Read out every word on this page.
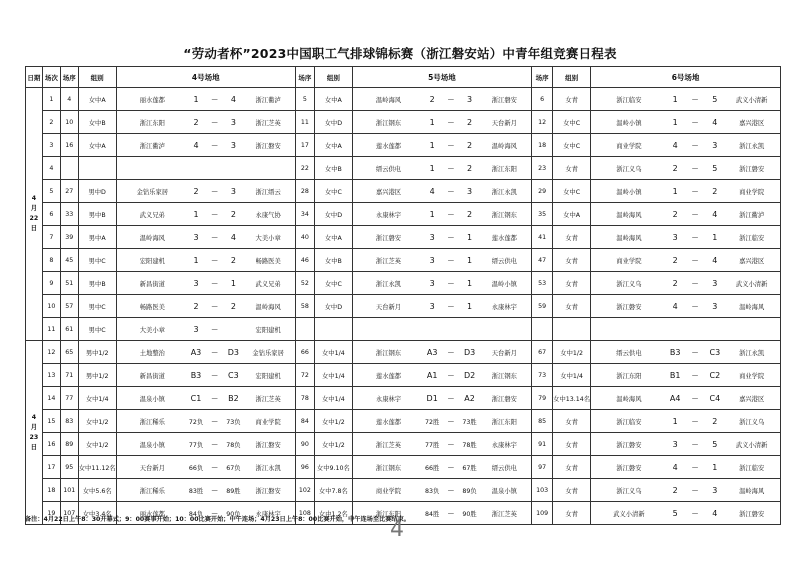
“劳动者杯”2023中国职工气排球锦标赛（浙江磐安站）中青年组竞赛日程表
日期	场次	场序	组别	4号场地	场序	组别	5号场地	场序	组别	6号场地

4
月
22
日	1	4	女中A	丽水莲都 1 — 4 浙江衢泸	5	女中A	温岭海风 2 — 3 浙江磐安	6	女青	浙江临安 1 — 5 武义小清新

	2	10	女中B	浙江东阳 2 — 3 浙江芝英	11	女中D	浙江钢东 1 — 2 天台新月	12	女中C	温岭小镇 1 — 4 嘉兴港区

	3	16	女中A	浙江衢泸 4 — 3 浙江磐安	17	女中A	莲水莲都 1 — 2 温岭海风	18	女中C	商业学院 4 — 3 浙江永凯

	4				22	女中B	缙云供电 1 — 2 浙江东阳	23	女青	浙江义乌 2 — 5 浙江磐安

	5	27	男中D	金钻乐家居 2 — 3 浙江缙云	28	女中C	嘉兴港区 4 — 3 浙江永凯	29	女中C	温岭小镇 1 — 2 商业学院

	6	33	男中B	武义兄弟 1 — 2 永康气协	34	女中D	永康林宇 1 — 2 浙江钢东	35	女中A	温岭海风 2 — 4 浙江衢泸

	7	39	男中A	温岭海风 3 — 4 大美小章	40	女中A	浙江磐安 3 — 1 莲水莲都	41	女青	温岭海风 3 — 1 浙江临安

	8	45	男中C	宏阳建机 1 — 2 畅路医美	46	女中B	浙江芝英 3 — 1 缙云供电	47	女青	商业学院 2 — 4 嘉兴港区

	9	51	男中B	新昌街道 3 — 1 武义兄弟	52	女中C	浙江永凯 3 — 1 温岭小镇	53	女青	浙江义乌 2 — 3 武义小清新

	10	57	男中C	畅路医美 2 — 2 温岭海风	58	女中D	天台新月 3 — 1 永康林宇	59	女青	浙江磐安 4 — 3 温岭海风

	11	61	男中C	大美小章 3 — 宏阳建机						

4
月
23
日	12	65	男中1/2	土地整治 A3 — D3 金钻乐家居	66	女中1/4	浙江钢东 A3 — D3 天台新月	67	女中1/2	缙云供电 B3 — C3 浙江永凯

	13	71	男中1/2	新昌街道 B3 — C3 宏阳建机	72	女中1/4	莲水莲都 A1 — D2 浙江钢东	73	女中1/4	浙江东阳 B1 — C2 商业学院

	14	77	女中1/4	温泉小镇 C1 — B2 浙江芝英	78	女中1/4	永康林宇 D1 — A2 浙江磐安	79	女中13.14名	温岭海风 A4 — C4 嘉兴港区

	15	83	女中1/2	浙江稀乐 72负 — 73负 商业学院	84	女中1/2	莲水莲都 72胜 — 73胜 浙江东阳	85	女青	浙江临安 1 — 2 浙江义乌

	16	89	女中1/2	温泉小镇 77负 — 78负 浙江磐安	90	女中1/2	浙江芝英 77胜 — 78胜 永康林宇	91	女青	浙江磐安 3 — 5 武义小清新

	17	95	女中11.12名	天台新月 66负 — 67负 浙江永凯	96	女中9.10名	浙江钢东 66胜 — 67胜 缙云供电	97	女青	浙江磐安 4 — 1 浙江临安

	18	101	女中5.6名	浙江稀乐 83胜 — 89胜 浙江磐安	102	女中7.8名	商业学院 83负 — 89负 温泉小镇	103	女青	浙江义乌 2 — 3 温岭海风

	19	107	女中3.4名	丽水莲都 84负 — 90负 永康林宇	108	女中1.2名	浙江东阳 84胜 — 90胜 浙江芝英	109	女青	武义小清新 5 — 4 浙江磐安
备注：4月22日上午8：30开幕式；9：00赛事开始；10：00比赛开始；中午连场；4月23日上午8：00比赛开始，中午连场至比赛结束。
4
